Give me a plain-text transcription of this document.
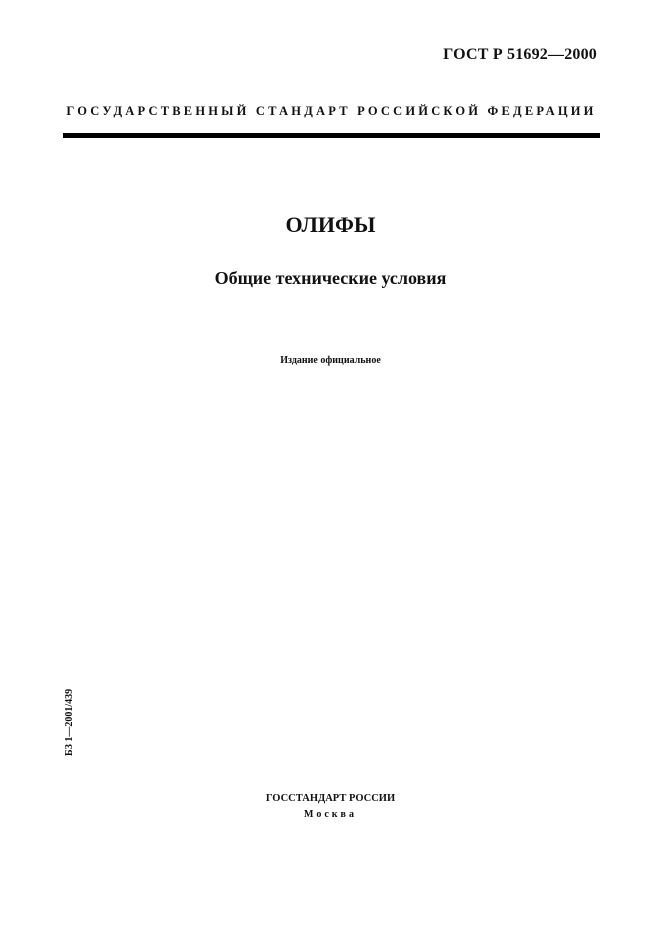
ГОСТ Р 51692—2000
ГОСУДАРСТВЕННЫЙ СТАНДАРТ РОССИЙСКОЙ ФЕДЕРАЦИИ
ОЛИФЫ
Общие технические условия
Издание официальное
БЗ 1—2001/439
ГОССТАНДАРТ РОССИИ
Москва
